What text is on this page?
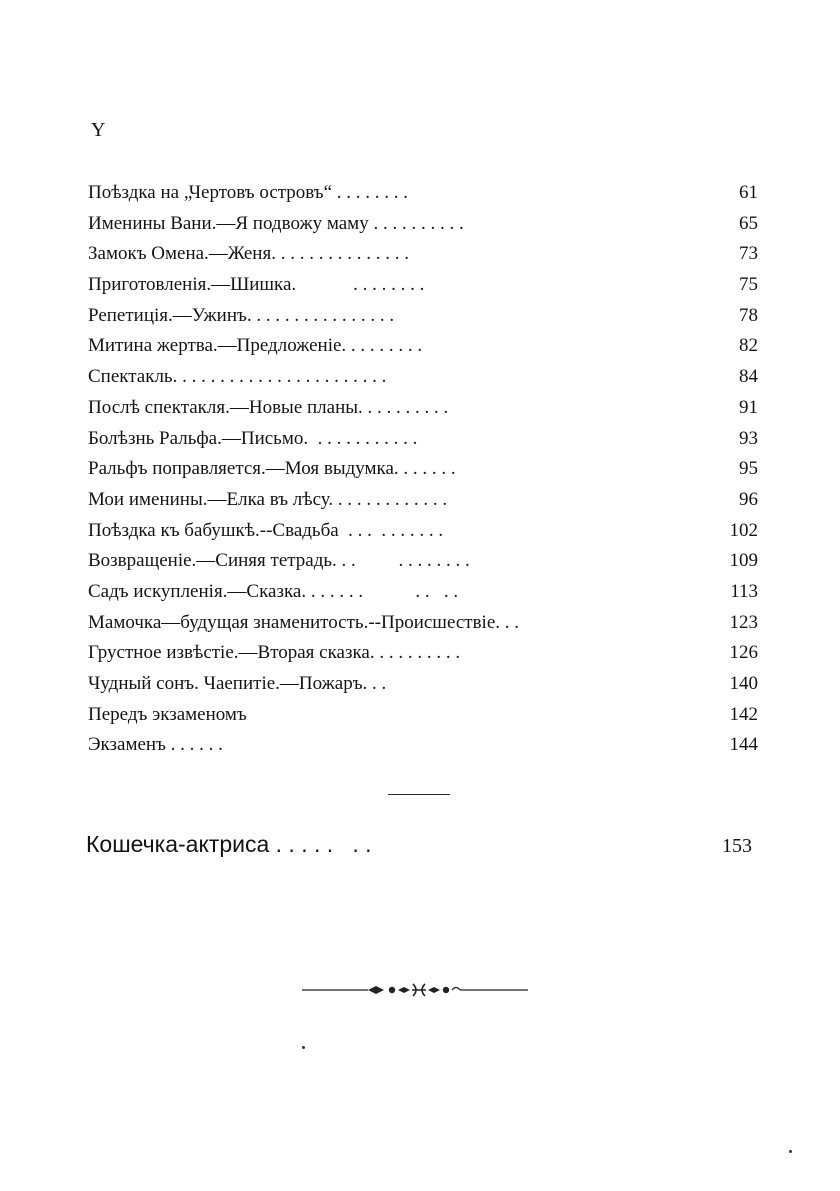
Y
Поѣздка на „Чертовъ островъ“ . . . . . . . .	61
Именины Вани.—Я подвожу маму . . . . . . . . . .	65
Замокъ Омена.—Женя. . . . . . . . . . . . . . .	73
Приготовленія.—Шишка.            . . . . . . . .	75
Репетиція.—Ужинъ. . . . . . . . . . . . . . . .	78
Митина жертва.—Предложеніе. . . . . . . . .	82
Спектакль. . . . . . . . . . . . . . . . . . . . . . .	84
Послѣ спектакля.—Новые планы. . . . . . . . . .	91
Болѣзнь Ральфа.—Письмо.  . . . . . . . . . . .	93
Ральфъ поправляется.—Моя выдумка. . . . . . .	95
Мои именины.—Елка въ лѣсу. . . . . . . . . . . . .	96
Поѣздка къ бабушкѣ.--Свадьба  . . .  . . . . . . .	102
Возвращеніе.—Синяя тетрадь. . .         . . . . . . . .	109
Садъ искупленія.—Сказка. . . . . . .           . .   . .	113
Мамочка—будущая знаменитость.--Происшествіе. . .	123
Грустное извѣстіе.—Вторая сказка. . . . . . . . . .	126
Чудный сонъ. Чаепитіе.—Пожаръ. . .	140
Передъ экзаменомъ	142
Экзаменъ . . . . . .	144
Кошечка-актриса . . . . .   . .	153
